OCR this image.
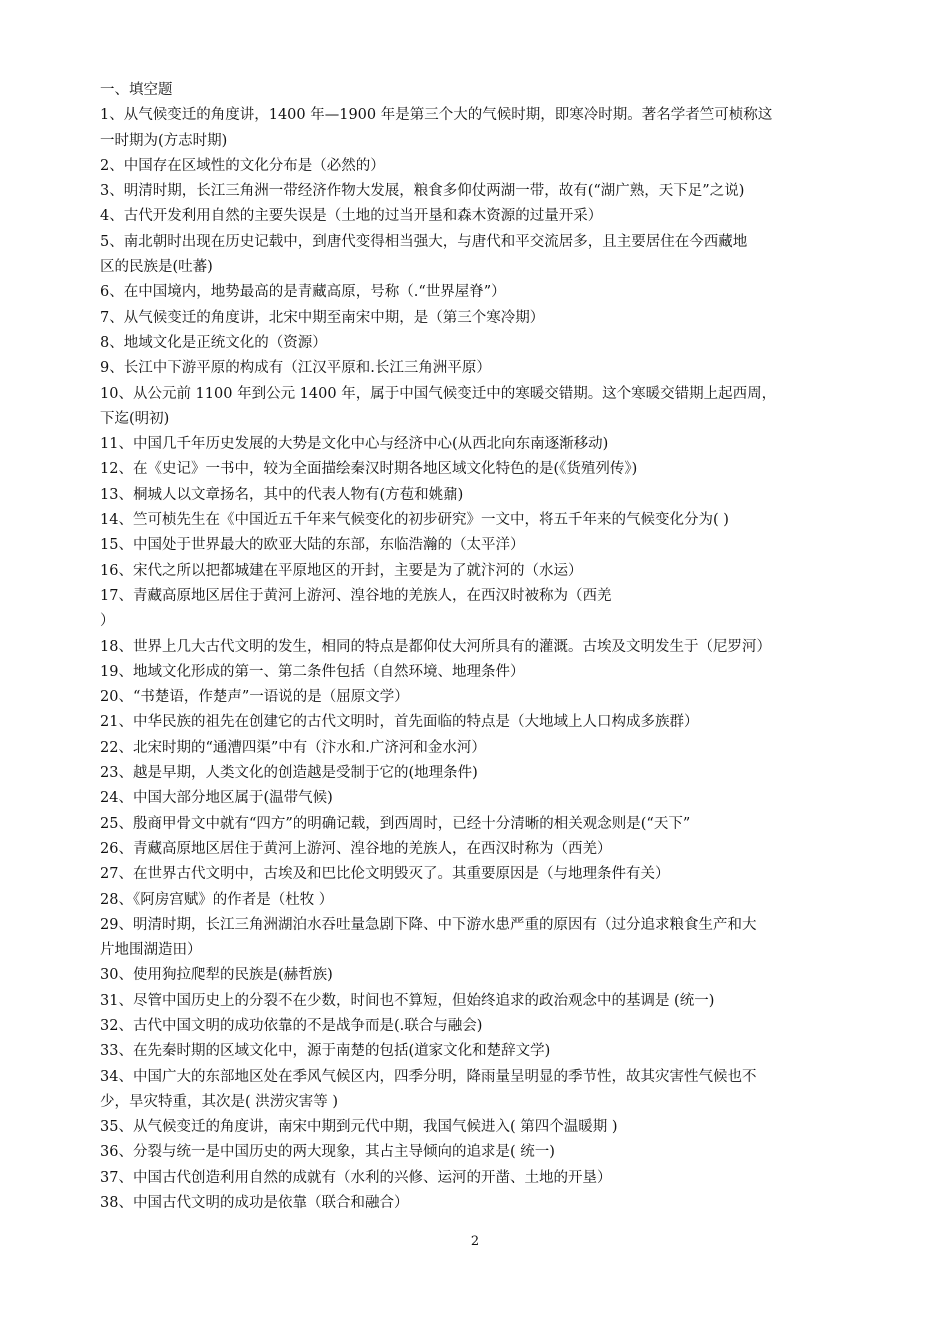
一、填空题
1、从气候变迁的角度讲，1400 年—1900 年是第三个大的气候时期，即寒冷时期。著名学者竺可桢称这
一时期为(方志时期)
2、中国存在区域性的文化分布是（必然的）
3、明清时期，长江三角洲一带经济作物大发展，粮食多仰仗两湖一带，故有(“湖广熟，天下足”之说)
4、古代开发利用自然的主要失误是（土地的过当开垦和森木资源的过量开采）
5、南北朝时出现在历史记载中，到唐代变得相当强大，与唐代和平交流居多，且主要居住在今西藏地
区的民族是(吐蕃)
6、在中国境内，地势最高的是青藏高原，号称（.“世界屋脊”）
7、从气候变迁的角度讲，北宋中期至南宋中期，是（第三个寒冷期）
8、地域文化是正统文化的（资源）
9、长江中下游平原的构成有（江汉平原和.长江三角洲平原）
10、从公元前 1100 年到公元 1400 年，属于中国气候变迁中的寒暖交错期。这个寒暖交错期上起西周，
下迄(明初)
11、中国几千年历史发展的大势是文化中心与经济中心(从西北向东南逐渐移动)
12、在《史记》一书中，较为全面描绘秦汉时期各地区域文化特色的是(《货殖列传》)
13、桐城人以文章扬名，其中的代表人物有(方苞和姚鼐)
14、竺可桢先生在《中国近五千年来气候变化的初步研究》一文中，将五千年来的气候变化分为( )
15、中国处于世界最大的欧亚大陆的东部，东临浩瀚的（太平洋）
16、宋代之所以把都城建在平原地区的开封，主要是为了就汴河的（水运）
17、青藏高原地区居住于黄河上游河、湟谷地的羌族人，在西汉时被称为（西羌
）
18、世界上几大古代文明的发生，相同的特点是都仰仗大河所具有的灌溉。古埃及文明发生于（尼罗河）
19、地域文化形成的第一、第二条件包括（自然环境、地理条件）
20、“书楚语，作楚声”一语说的是（屈原文学）
21、中华民族的祖先在创建它的古代文明时，首先面临的特点是（大地域上人口构成多族群）
22、北宋时期的“通漕四渠”中有（汴水和.广济河和金水河）
23、越是早期，人类文化的创造越是受制于它的(地理条件)
24、中国大部分地区属于(温带气候)
25、殷商甲骨文中就有“四方”的明确记载，到西周时，已经十分清晰的相关观念则是(“天下”
26、青藏高原地区居住于黄河上游河、湟谷地的羌族人，在西汉时称为（西羌）
27、在世界古代文明中，古埃及和巴比伦文明毁灭了。其重要原因是（与地理条件有关）
28、《阿房宫赋》的作者是（杜牧 ）
29、明清时期，长江三角洲湖泊水吞吐量急剧下降、中下游水患严重的原因有（过分追求粮食生产和大
片地围湖造田）
30、使用狗拉爬犁的民族是(赫哲族)
31、尽管中国历史上的分裂不在少数，时间也不算短，但始终追求的政治观念中的基调是 (统一)
32、古代中国文明的成功依靠的不是战争而是(.联合与融会)
33、在先秦时期的区域文化中，源于南楚的包括(道家文化和楚辞文学)
34、中国广大的东部地区处在季风气候区内，四季分明，降雨量呈明显的季节性，故其灾害性气候也不
少，旱灾特重，其次是( 洪涝灾害等 )
35、从气候变迁的角度讲，南宋中期到元代中期，我国气候进入( 第四个温暖期 )
36、分裂与统一是中国历史的两大现象，其占主导倾向的追求是( 统一)
37、中国古代创造利用自然的成就有（水利的兴修、运河的开凿、土地的开垦）
38、中国古代文明的成功是依靠（联合和融合）
2
